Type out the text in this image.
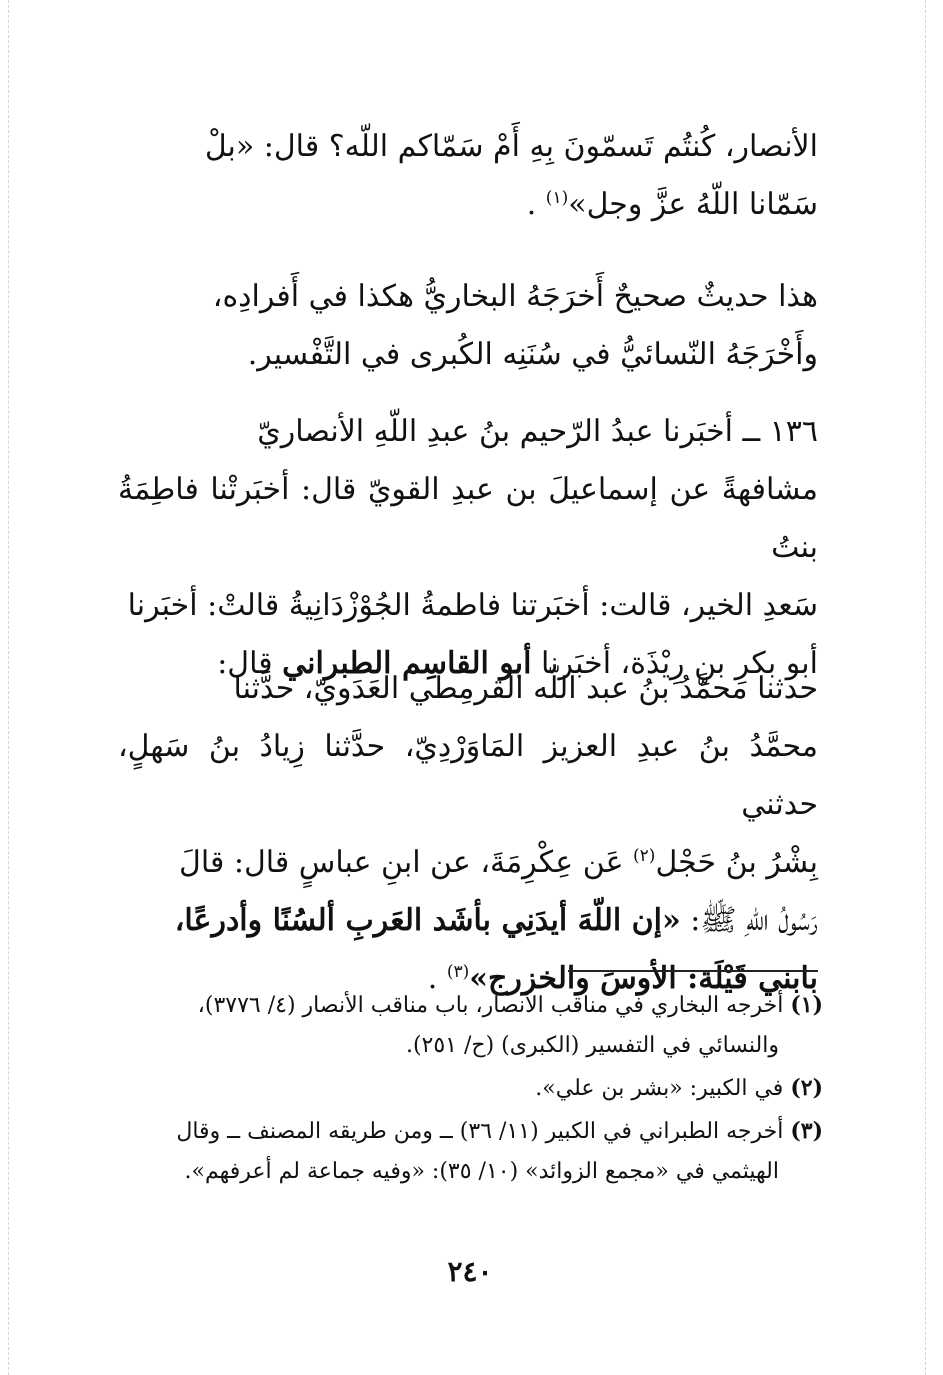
الأنصار، كُنتُم تَسمّونَ بِهِ أَمْ سَمّاكم اللّه؟ قال: «بلْ
سَمّانا اللّهُ عزَّ وجل»$^{(١)}$ .

هذا حديثٌ صحيحٌ أَخرَجَهُ البخاريُّ هكذا في أَفرادِه،
وأَخْرَجَهُ النّسائيُّ في سُنَنِه الكُبرى في التَّفْسير.

١٣٦ ــ أخبَرنا عبدُ الرّحيم بنُ عبدِ اللّهِ الأنصاريّ
مشافهةً عن إسماعيلَ بن عبدِ القويّ قال: أخبَرتْنا فاطِمَةُ بنتُ
سَعدِ الخير، قالت: أخبَرتنا فاطمةُ الجُوْزْدَانِيةُ قالتْ: أخبَرنا
أبو بكرِ بنِ رِيْذَة، أخبَرنا أبو القاسِم الطبراني قال:

حدثنا محمَّدُ بنُ عبد اللّه القرمِطي العَدَويّ، حدَّثنا
محمَّدُ بنُ عبدِ العزيز المَاوَرْدِيّ، حدَّثنا زِيادُ بنُ سَهلٍ، حدثني
بِشْرُ بنُ حَجْل$^{(٢)}$ عَن عِكْرِمَةَ، عن ابنِ عباسٍ قال: قالَ
رَسُولُ اللّهِ ﷺ: «إن اللّهَ أيدَنِي بأشَد العَربِ ألسُنًا وأدرعًا،
بابني قَيْلَة: الأوسَ والخزرج»$^{(٣)}$ .

(١) أخرجه البخاري في مناقب الأنصار، باب مناقب الأنصار (٤/ ٣٧٧٦)،
والنسائي في التفسير (الكبرى) (ح/ ٢٥١).

(٢) في الكبير: «بشر بن علي».

(٣) أخرجه الطبراني في الكبير (١١/ ٣٦) ــ ومن طريقه المصنف ــ وقال
الهيثمي في «مجمع الزوائد» (١٠/ ٣٥): «وفيه جماعة لم أعرفهم».

٢٤٠
